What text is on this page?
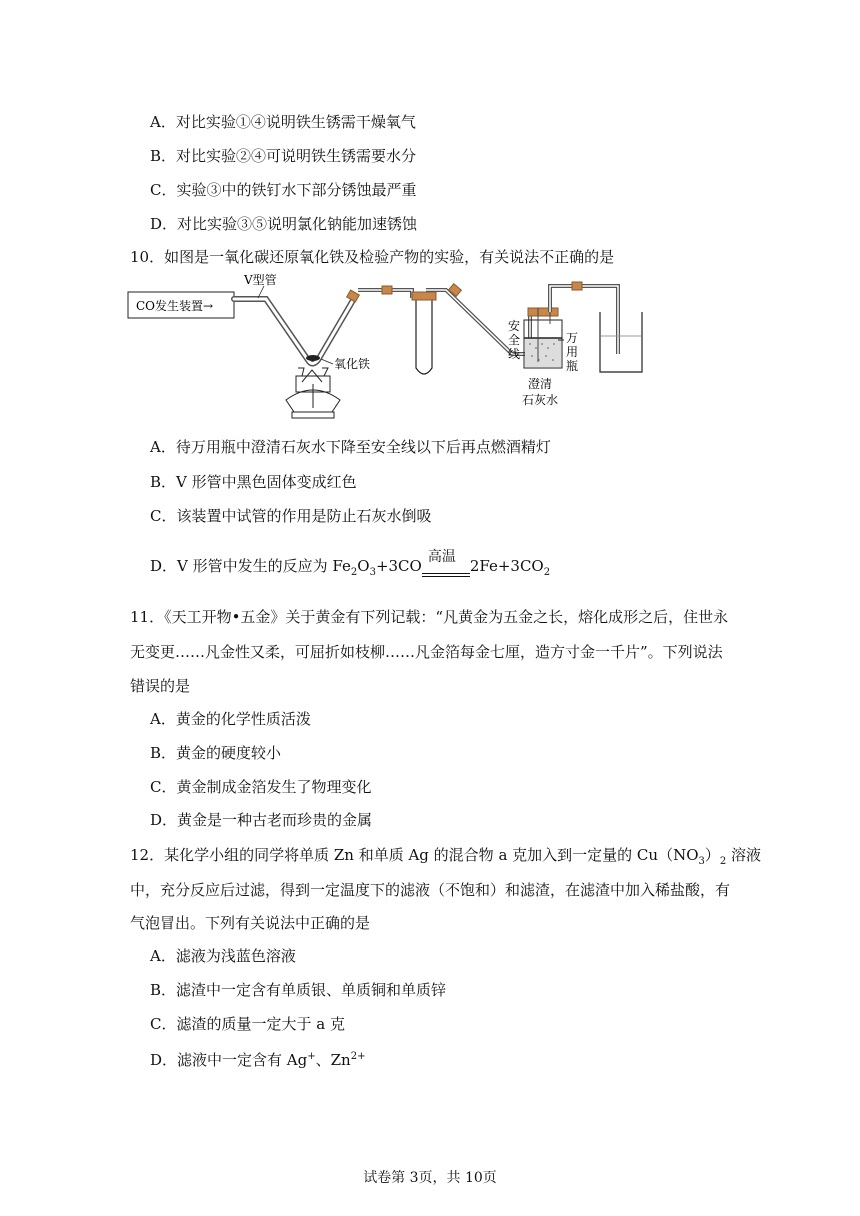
A．对比实验①④说明铁生锈需干燥氧气
B．对比实验②④可说明铁生锈需要水分
C．实验③中的铁钉水下部分锈蚀最严重
D．对比实验③⑤说明氯化钠能加速锈蚀
10．如图是一氧化碳还原氧化铁及检验产物的实验，有关说法不正确的是
CO发生装置→
V型管
氧化铁
安
全
线
万
用
瓶
澄清
石灰水
A．待万用瓶中澄清石灰水下降至安全线以下后再点燃酒精灯
B．V 形管中黑色固体变成红色
C．该装置中试管的作用是防止石灰水倒吸
D．V 形管中发生的反应为 $Fe_2O_3+3CO$ 高温 $2Fe+3CO_2$
11．《天工开物•五金》关于黄金有下列记载：“凡黄金为五金之长，熔化成形之后，住世永
无变更……凡金性又柔，可屈折如枝柳……凡金箔每金七厘，造方寸金一千片”。下列说法
错误的是
A．黄金的化学性质活泼
B．黄金的硬度较小
C．黄金制成金箔发生了物理变化
D．黄金是一种古老而珍贵的金属
12．某化学小组的同学将单质 Zn 和单质 Ag 的混合物 a 克加入到一定量的 $Cu(NO_3)_2$ 溶液
中，充分反应后过滤，得到一定温度下的滤液（不饱和）和滤渣，在滤渣中加入稀盐酸，有
气泡冒出。下列有关说法中正确的是
A．滤液为浅蓝色溶液
B．滤渣中一定含有单质银、单质铜和单质锌
C．滤渣的质量一定大于 a 克
D．滤液中一定含有 Ag+、$Zn^{2+}$
试卷第 3页，共 10页
